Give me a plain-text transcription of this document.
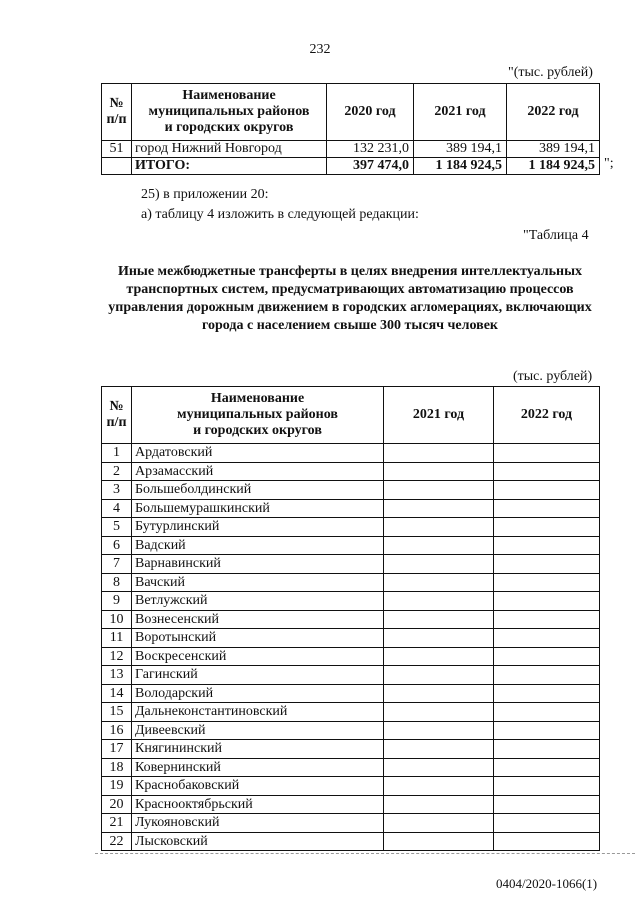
232
"(тыс. рублей)
№
п/п	Наименование
муниципальных районов
и городских округов	2020 год	2021 год	2022 год
51	город Нижний Новгород	132 231,0	389 194,1	389 194,1
	ИТОГО:	397 474,0	1 184 924,5	1 184 924,5 ";
25) в приложении 20:
а) таблицу 4 изложить в следующей редакции:
"Таблица 4
Иные межбюджетные трансферты в целях внедрения интеллектуальных транспортных систем, предусматривающих автоматизацию процессов управления дорожным движением в городских агломерациях, включающих города с населением свыше 300 тысяч человек
(тыс. рублей)
№
п/п	Наименование
муниципальных районов
и городских округов	2021 год	2022 год
1	Ардатовский		
2	Арзамасский		
3	Большеболдинский		
4	Большемурашкинский		
5	Бутурлинский		
6	Вадский		
7	Варнавинский		
8	Вачский		
9	Ветлужский		
10	Вознесенский		
11	Воротынский		
12	Воскресенский		
13	Гагинский		
14	Володарский		
15	Дальнеконстантиновский		
16	Дивеевский		
17	Княгининский		
18	Ковернинский		
19	Краснобаковский		
20	Краснооктябрьский		
21	Лукояновский		
22	Лысковский		
0404/2020-1066(1)
